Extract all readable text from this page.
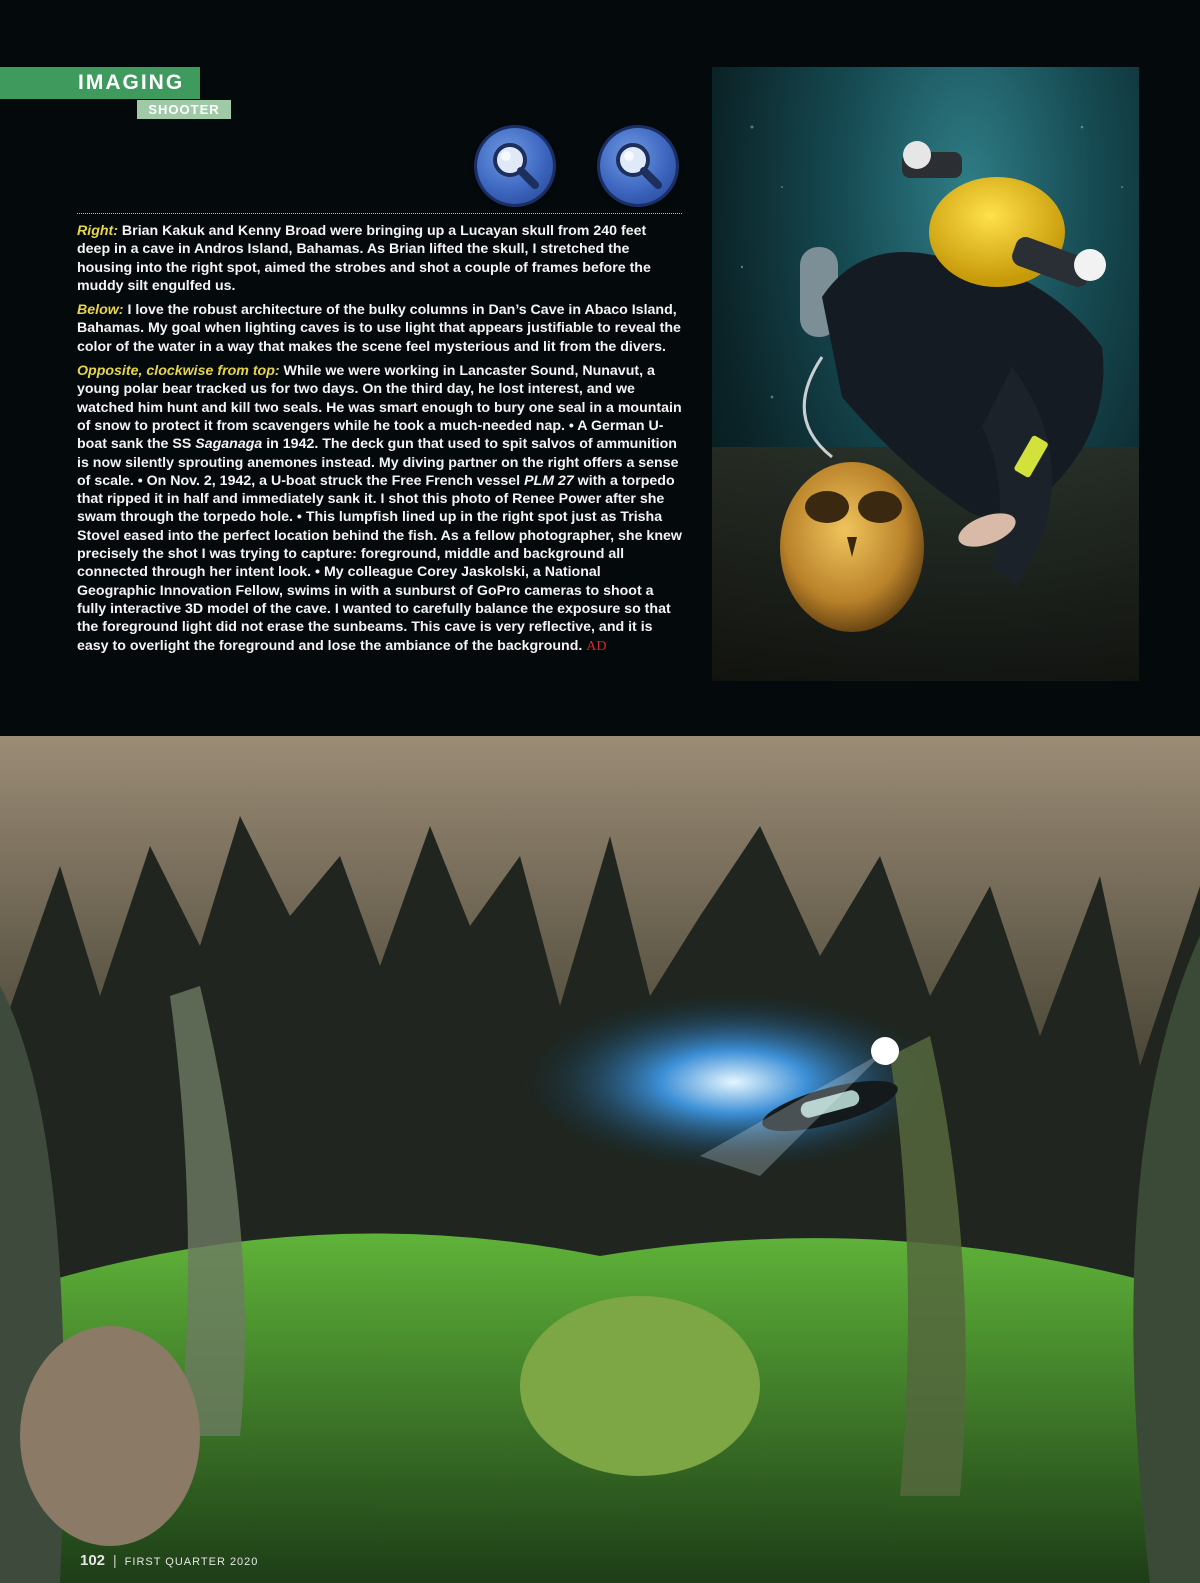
IMAGING
SHOOTER

Right: Brian Kakuk and Kenny Broad were bringing up a Lucayan skull from 240 feet deep in a cave in Andros Island, Bahamas. As Brian lifted the skull, I stretched the housing into the right spot, aimed the strobes and shot a couple of frames before the muddy silt engulfed us.

Below: I love the robust architecture of the bulky columns in Dan’s Cave in Abaco Island, Bahamas. My goal when lighting caves is to use light that appears justifiable to reveal the color of the water in a way that makes the scene feel mysterious and lit from the divers.

Opposite, clockwise from top: While we were working in Lancaster Sound, Nunavut, a young polar bear tracked us for two days. On the third day, he lost interest, and we watched him hunt and kill two seals. He was smart enough to bury one seal in a mountain of snow to protect it from scavengers while he took a much-needed nap. • A German U-boat sank the SS Saganaga in 1942. The deck gun that used to spit salvos of ammunition is now silently sprouting anemones instead. My diving partner on the right offers a sense of scale. • On Nov. 2, 1942, a U-boat struck the Free French vessel PLM 27 with a torpedo that ripped it in half and immediately sank it. I shot this photo of Renee Power after she swam through the torpedo hole. • This lumpfish lined up in the right spot just as Trisha Stovel eased into the perfect location behind the fish. As a fellow photographer, she knew precisely the shot I was trying to capture: foreground, middle and background all connected through her intent look. • My colleague Corey Jaskolski, a National Geographic Innovation Fellow, swims in with a sunburst of GoPro cameras to shoot a fully interactive 3D model of the cave. I wanted to carefully balance the exposure so that the foreground light did not erase the sunbeams. This cave is very reflective, and it is easy to overlight the foreground and lose the ambiance of the background. AD

102 | FIRST QUARTER 2020
